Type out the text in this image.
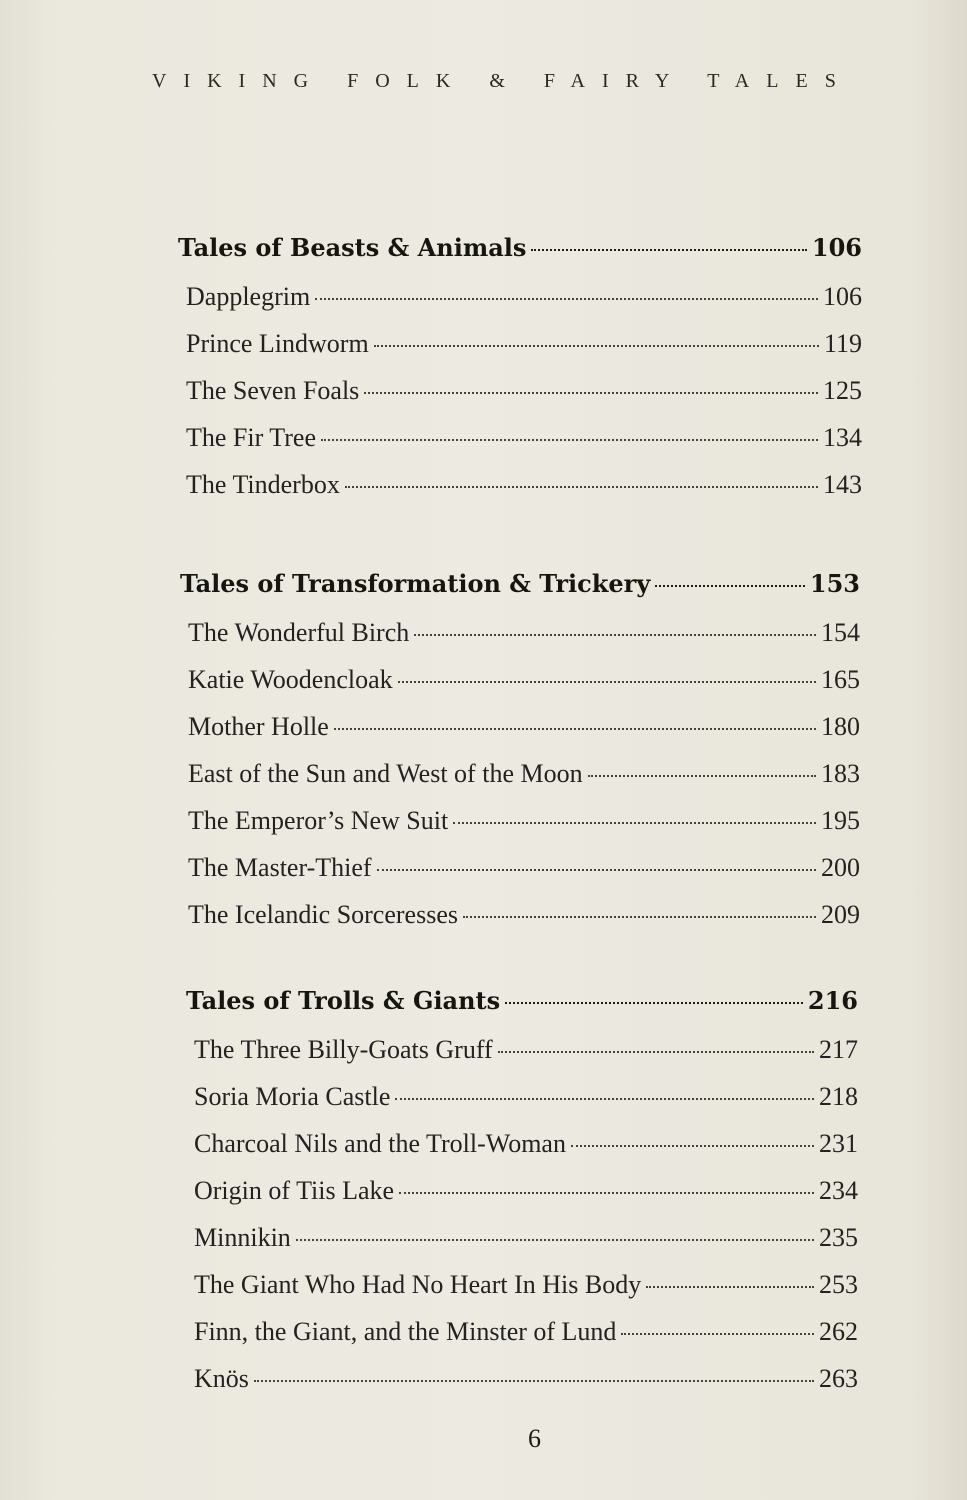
VIKING FOLK & FAIRY TALES
Tales of Beasts & Animals	106
Dapplegrim	106
Prince Lindworm	119
The Seven Foals	125
The Fir Tree	134
The Tinderbox	143
Tales of Transformation & Trickery	153
The Wonderful Birch	154
Katie Woodencloak	165
Mother Holle	180
East of the Sun and West of the Moon	183
The Emperor’s New Suit	195
The Master-Thief	200
The Icelandic Sorceresses	209
Tales of Trolls & Giants	216
The Three Billy-Goats Gruff	217
Soria Moria Castle	218
Charcoal Nils and the Troll-Woman	231
Origin of Tiis Lake	234
Minnikin	235
The Giant Who Had No Heart In His Body	253
Finn, the Giant, and the Minster of Lund	262
Knös	263
6
